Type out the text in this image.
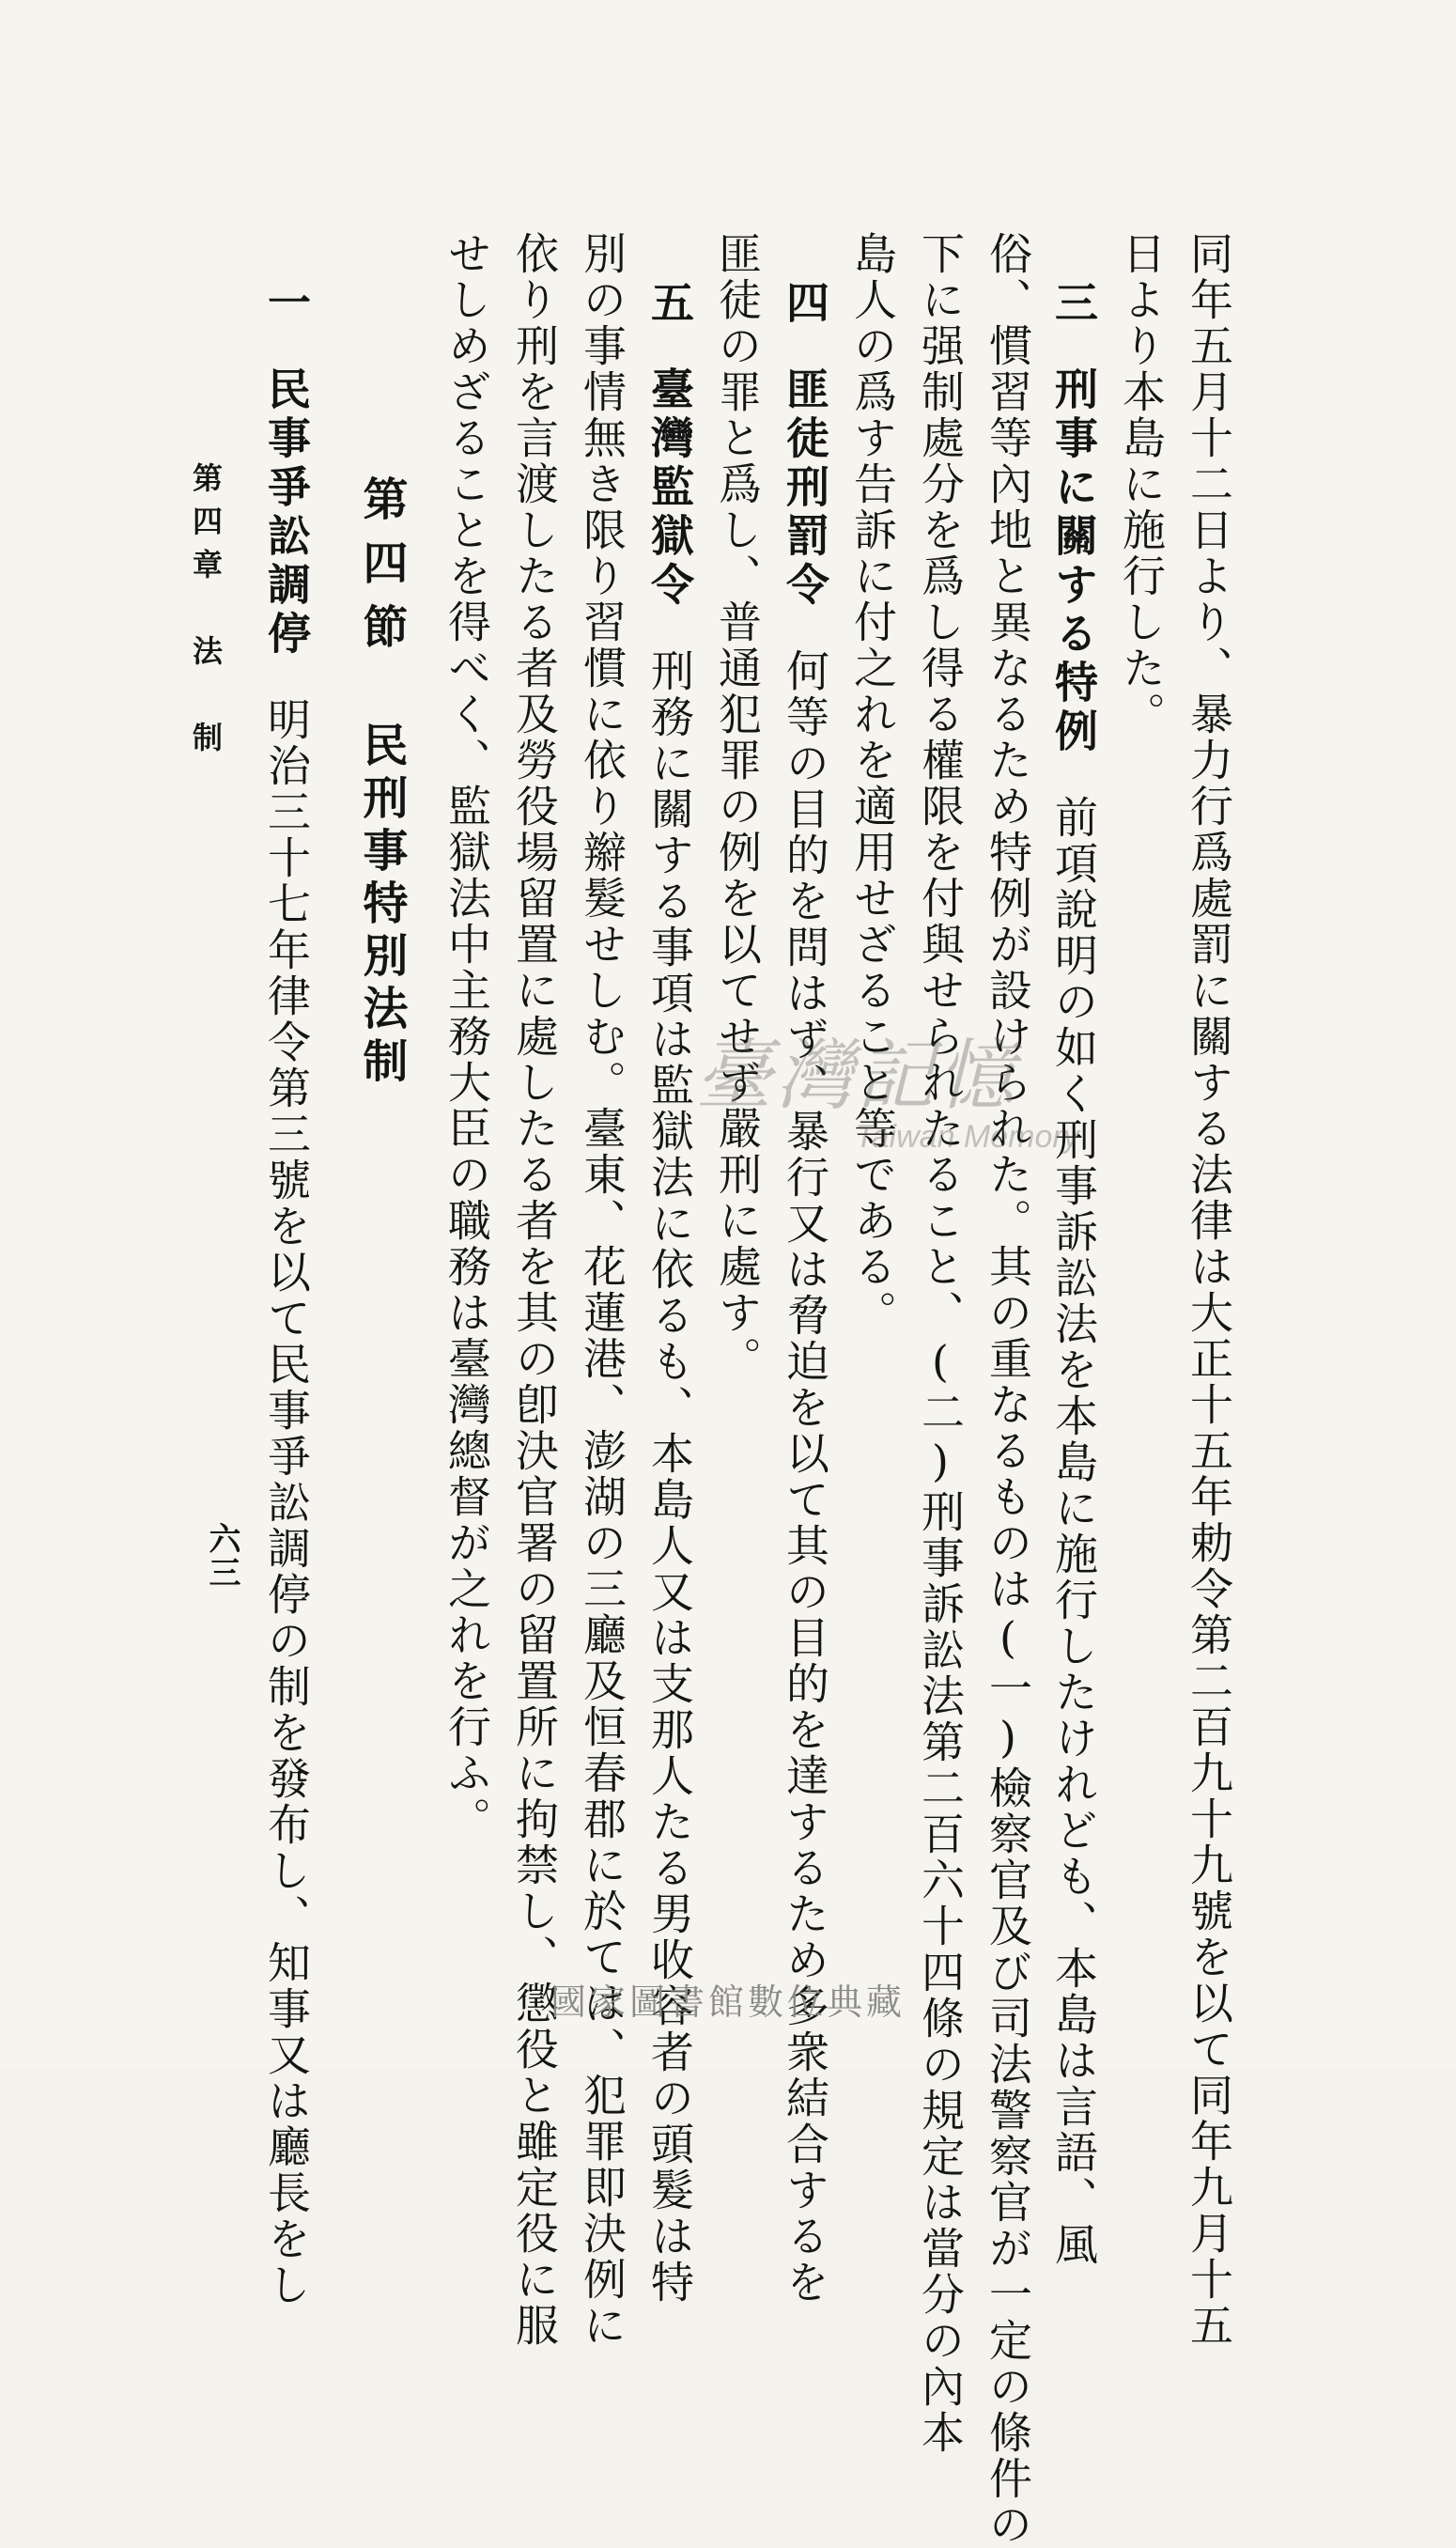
同年五月十二日より、暴力行爲處罰に關する法律は大正十五年勅令第二百九十九號を以て同年九月十五
日より本島に施行した。
三刑事に關する特例前項說明の如く刑事訴訟法を本島に施行したけれども、本島は言語、風
俗、慣習等內地と異なるため特例が設けられた。其の重なるものは(一)檢察官及び司法警察官が一定の條件の
下に强制處分を爲し得る權限を付與せられたること、(二)刑事訴訟法第二百六十四條の規定は當分の內本
島人の爲す告訴に付之れを適用せざること等である。
四匪徒刑罰令何等の目的を問はず、暴行又は脅迫を以て其の目的を達するため多衆結合するを
匪徒の罪と爲し、普通犯罪の例を以てせず嚴刑に處す。
五臺灣監獄令刑務に關する事項は監獄法に依るも、本島人又は支那人たる男收容者の頭髮は特
別の事情無き限り習慣に依り辮髮せしむ。臺東、花蓮港、澎湖の三廳及恒春郡に於ては、犯罪即決例に
依り刑を言渡したる者及勞役場留置に處したる者を其の卽決官署の留置所に拘禁し、懲役と雖定役に服
せしめざることを得べく、監獄法中主務大臣の職務は臺灣總督が之れを行ふ。
第四節民刑事特別法制
一民事爭訟調停明治三十七年律令第三號を以て民事爭訟調停の制を發布し、知事又は廳長をし
第四章　法　制
六三
臺灣記憶
Taiwan Memory
國家圖書館數位典藏
